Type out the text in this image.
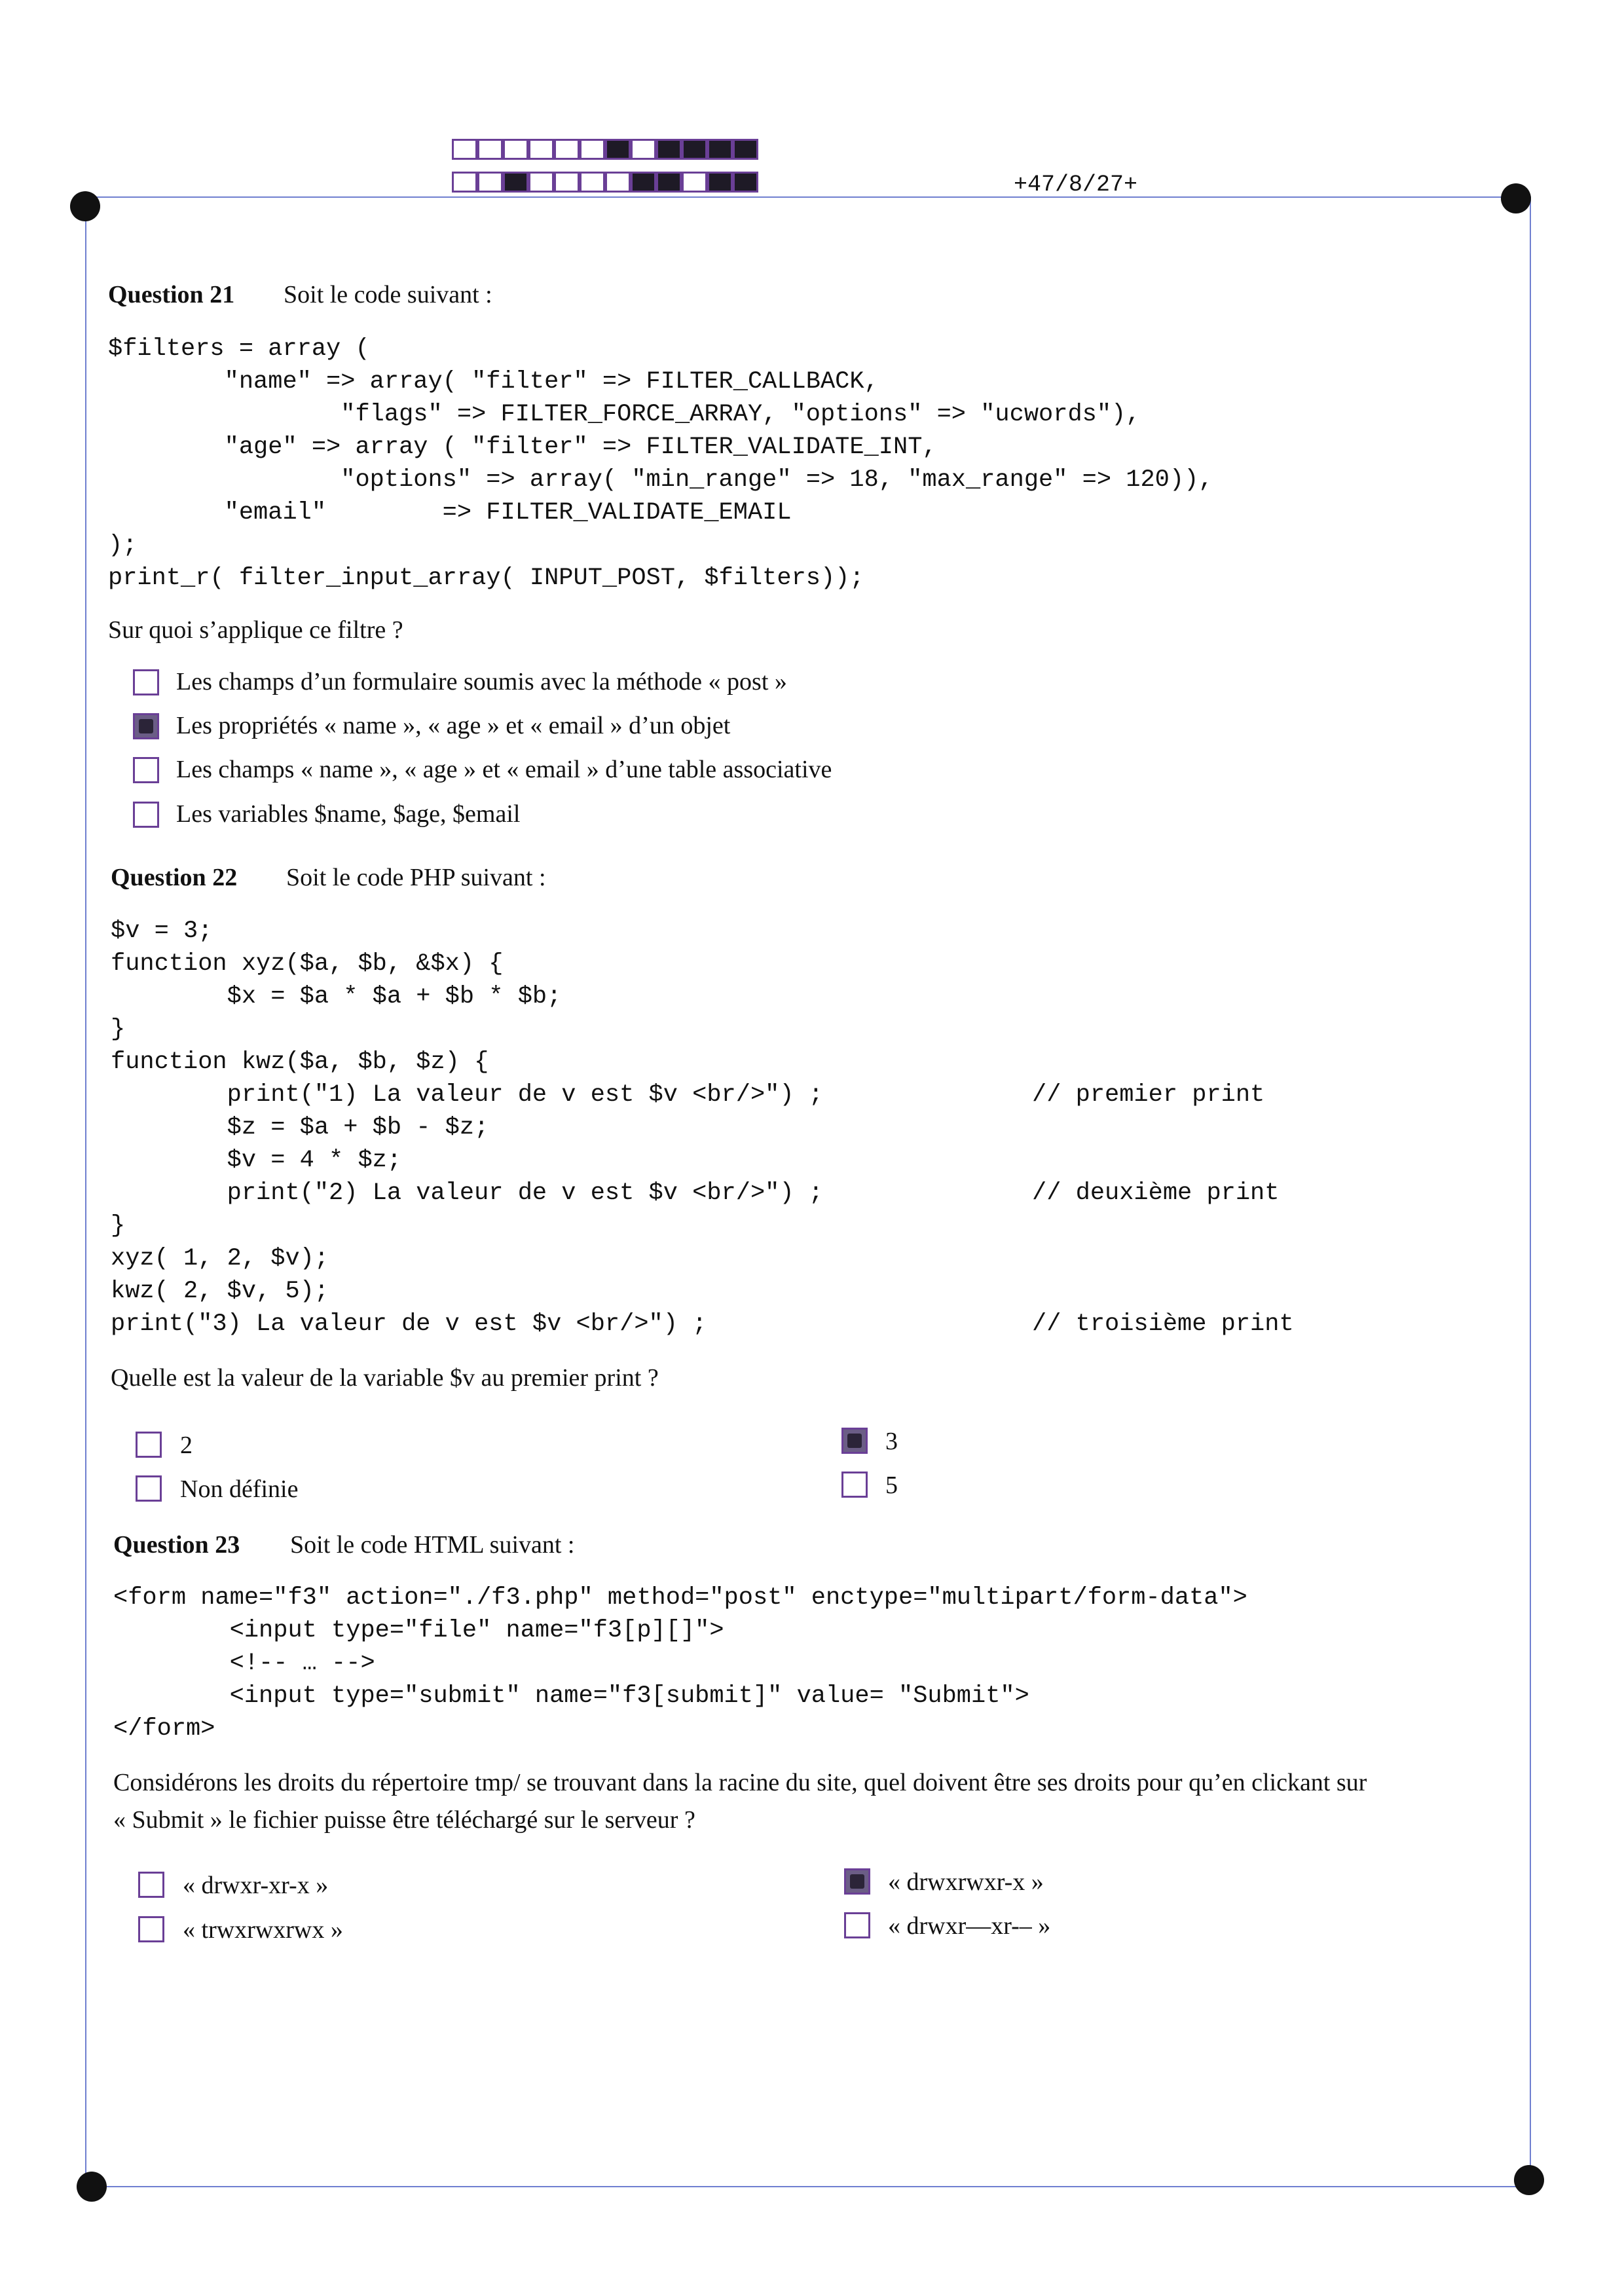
+47/8/27+
Question 21 Soit le code suivant :
$filters = array (
"name" => array( "filter" => FILTER_CALLBACK,
"flags" => FILTER_FORCE_ARRAY, "options" => "ucwords"),
"age" => array ( "filter" => FILTER_VALIDATE_INT,
"options" => array( "min_range" => 18, "max_range" => 120)),
"email"        => FILTER_VALIDATE_EMAIL
);
print_r( filter_input_array( INPUT_POST, $filters));
Sur quoi s’applique ce filtre ?
Les champs d’un formulaire soumis avec la méthode « post »
Les propriétés « name », « age » et « email » d’un objet
Les champs « name », « age » et « email » d’une table associative
Les variables $name, $age, $email
Question 22 Soit le code PHP suivant :
$v = 3;
function xyz($a, $b, &$x) {
$x = $a * $a + $b * $b;
}
function kwz($a, $b, $z) {
print("1) La valeur de v est $v <br/>") ;
$z = $a + $b - $z;
$v = 4 * $z;
print("2) La valeur de v est $v <br/>") ;
}
xyz( 1, 2, $v);
kwz( 2, $v, 5);
print("3) La valeur de v est $v <br/>") ;
// premier print
// deuxième print
// troisième print
Quelle est la valeur de la variable $v au premier print ?
2	3
Non définie	5
Question 23 Soit le code HTML suivant :
<form name="f3" action="./f3.php" method="post" enctype="multipart/form-data">
<input type="file" name="f3[p][]">
<!-- … -->
<input type="submit" name="f3[submit]" value= "Submit">
</form>
Considérons les droits du répertoire tmp/ se trouvant dans la racine du site, quel doivent être ses droits pour qu’en clickant sur
« Submit » le fichier puisse être téléchargé sur le serveur ?
« drwxr-xr-x »	« drwxrwxr-x »
« trwxrwxrwx »	« drwxr—xr-– »
